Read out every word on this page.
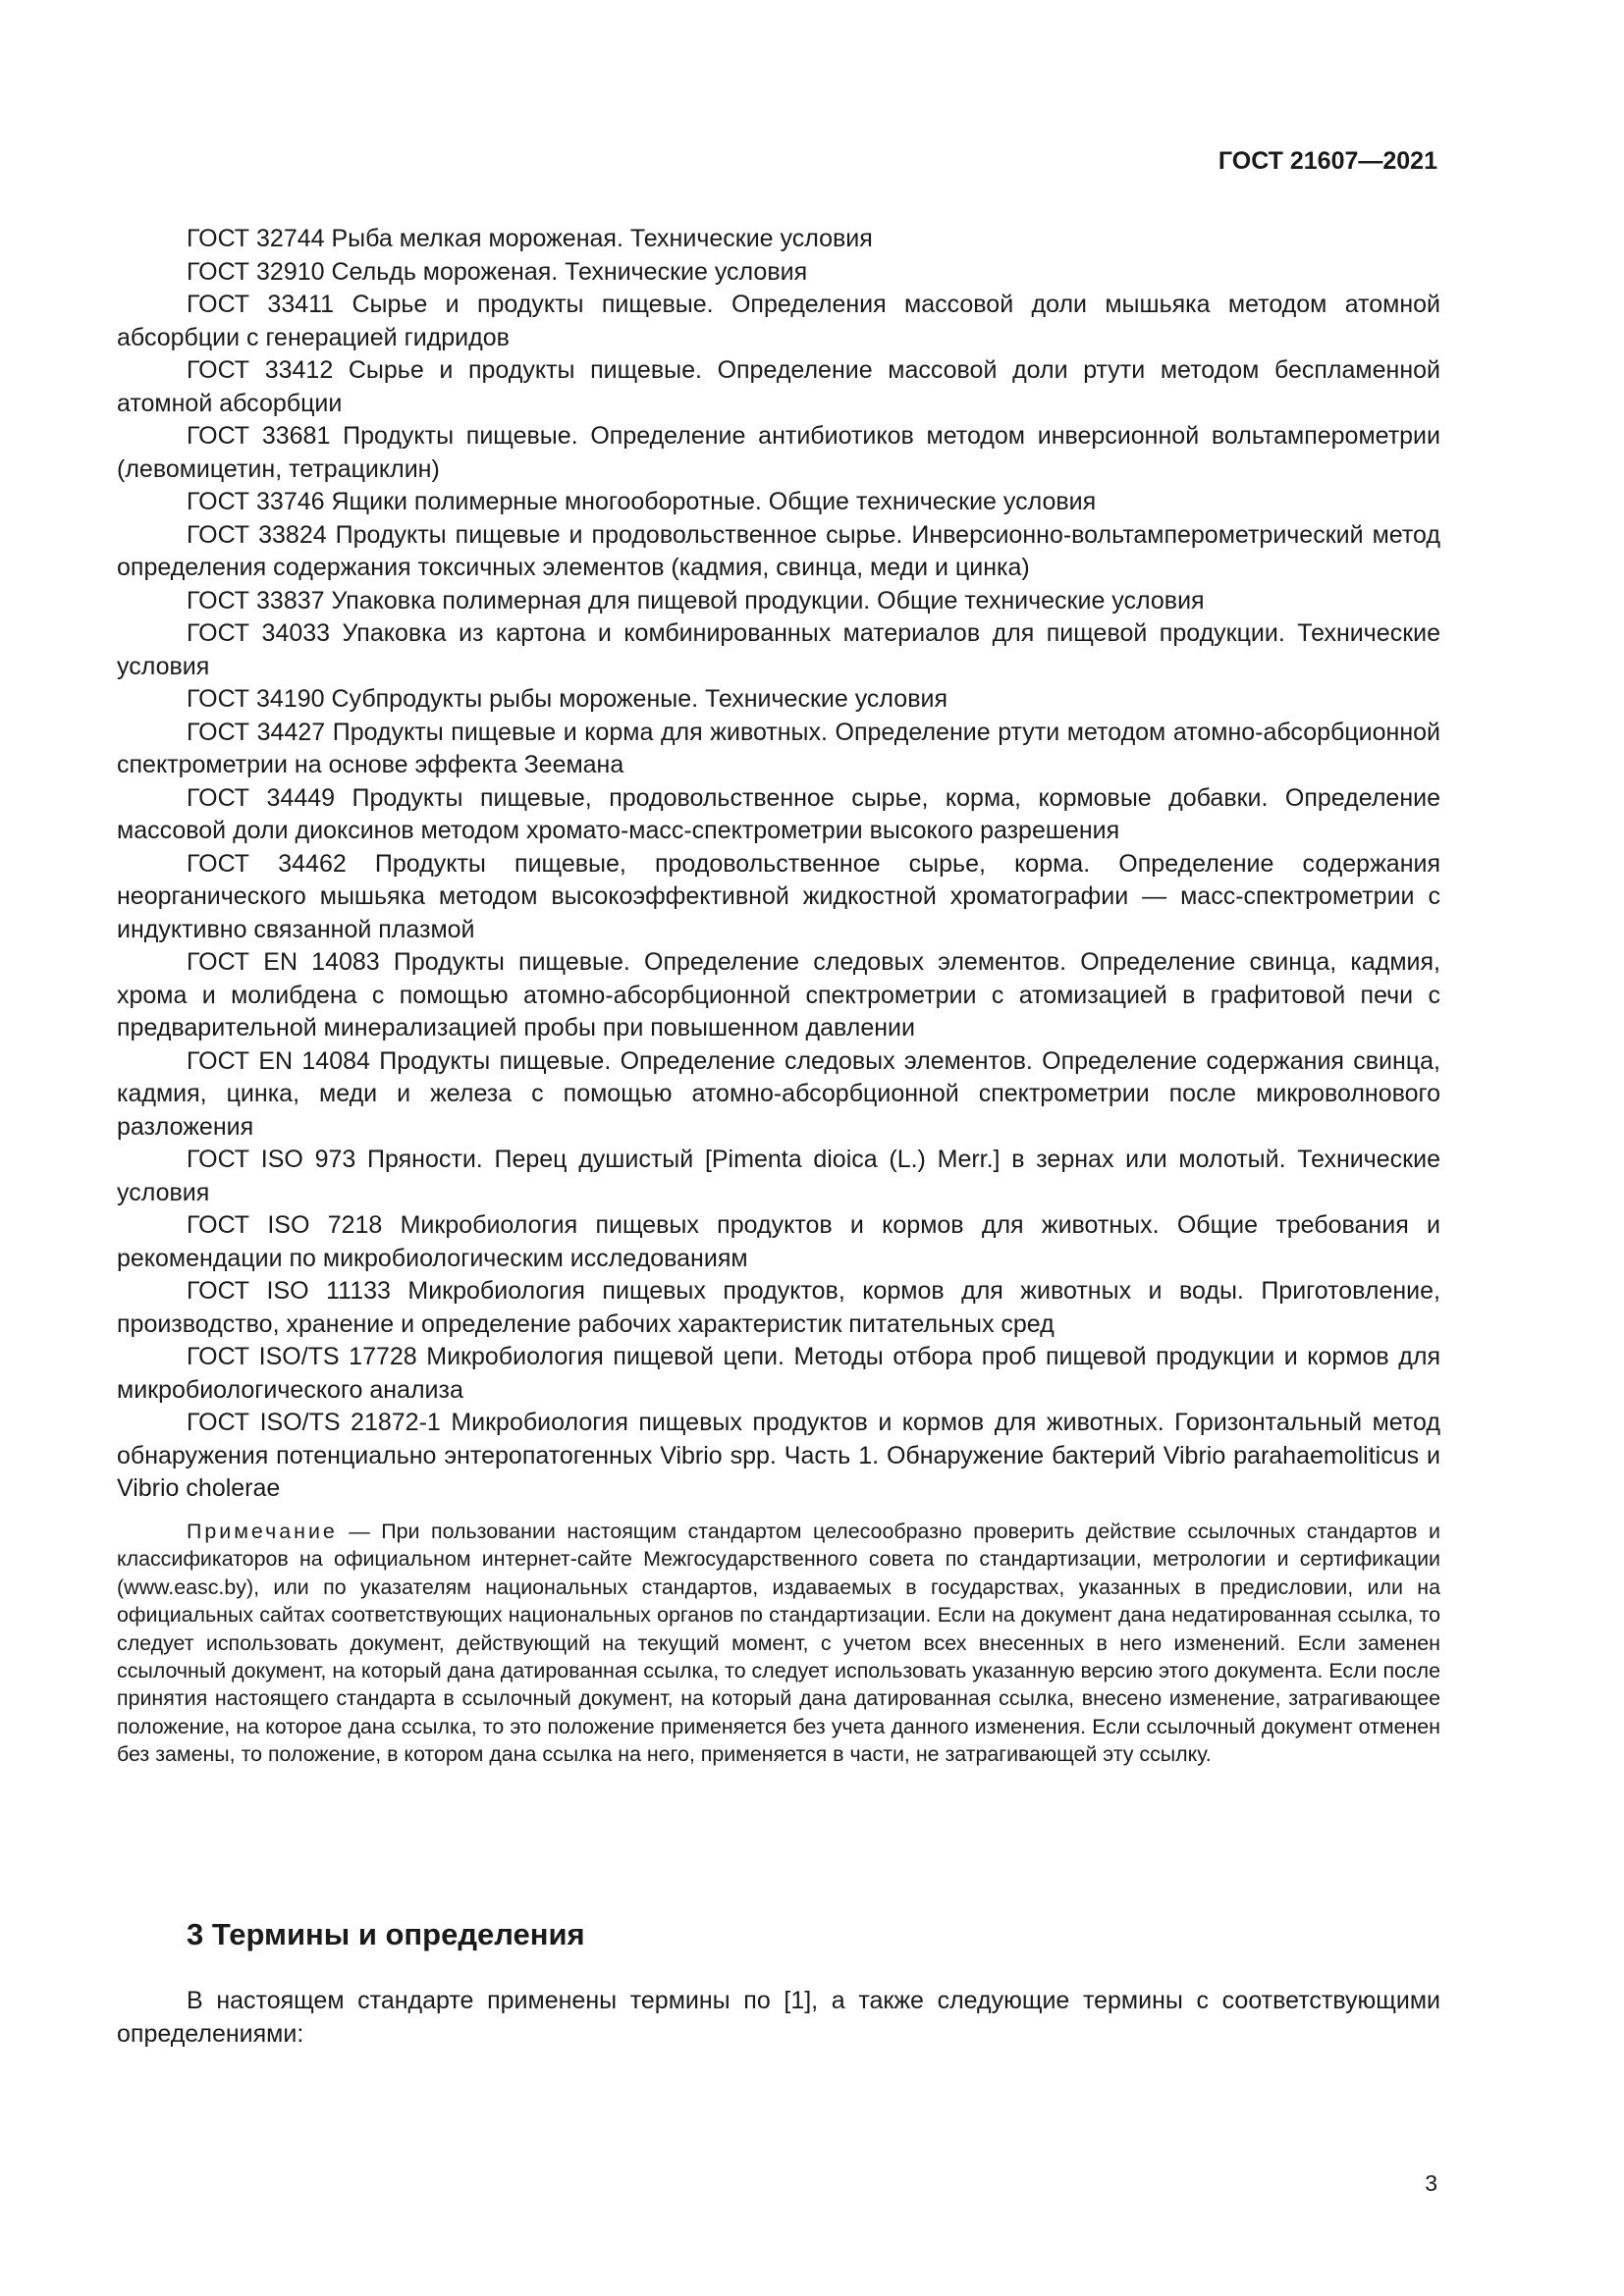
ГОСТ 21607—2021

ГОСТ 32744 Рыба мелкая мороженая. Технические условия

ГОСТ 32910 Сельдь мороженая. Технические условия

ГОСТ 33411 Сырье и продукты пищевые. Определения массовой доли мышьяка методом атомной абсорбции с генерацией гидридов

ГОСТ 33412 Сырье и продукты пищевые. Определение массовой доли ртути методом беспламенной атомной абсорбции

ГОСТ 33681 Продукты пищевые. Определение антибиотиков методом инверсионной вольтамперометрии (левомицетин, тетрациклин)

ГОСТ 33746 Ящики полимерные многооборотные. Общие технические условия

ГОСТ 33824 Продукты пищевые и продовольственное сырье. Инверсионно-вольтамперометрический метод определения содержания токсичных элементов (кадмия, свинца, меди и цинка)

ГОСТ 33837 Упаковка полимерная для пищевой продукции. Общие технические условия

ГОСТ 34033 Упаковка из картона и комбинированных материалов для пищевой продукции. Технические условия

ГОСТ 34190 Субпродукты рыбы мороженые. Технические условия

ГОСТ 34427 Продукты пищевые и корма для животных. Определение ртути методом атомно-абсорбционной спектрометрии на основе эффекта Зеемана

ГОСТ 34449 Продукты пищевые, продовольственное сырье, корма, кормовые добавки. Определение массовой доли диоксинов методом хромато-масс-спектрометрии высокого разрешения

ГОСТ 34462 Продукты пищевые, продовольственное сырье, корма. Определение содержания неорганического мышьяка методом высокоэффективной жидкостной хроматографии — масс-спектрометрии с индуктивно связанной плазмой

ГОСТ EN 14083 Продукты пищевые. Определение следовых элементов. Определение свинца, кадмия, хрома и молибдена с помощью атомно-абсорбционной спектрометрии с атомизацией в графитовой печи с предварительной минерализацией пробы при повышенном давлении

ГОСТ EN 14084 Продукты пищевые. Определение следовых элементов. Определение содержания свинца, кадмия, цинка, меди и железа с помощью атомно-абсорбционной спектрометрии после микроволнового разложения

ГОСТ ISO 973 Пряности. Перец душистый [Pimenta dioica (L.) Merr.] в зернах или молотый. Технические условия

ГОСТ ISO 7218 Микробиология пищевых продуктов и кормов для животных. Общие требования и рекомендации по микробиологическим исследованиям

ГОСТ ISO 11133 Микробиология пищевых продуктов, кормов для животных и воды. Приготовление, производство, хранение и определение рабочих характеристик питательных сред

ГОСТ ISO/TS 17728 Микробиология пищевой цепи. Методы отбора проб пищевой продукции и кормов для микробиологического анализа

ГОСТ ISO/TS 21872-1 Микробиология пищевых продуктов и кормов для животных. Горизонтальный метод обнаружения потенциально энтеропатогенных Vibrio spp. Часть 1. Обнаружение бактерий Vibrio parahaemoliticus и Vibrio cholerae

Примечание — При пользовании настоящим стандартом целесообразно проверить действие ссылочных стандартов и классификаторов на официальном интернет-сайте Межгосударственного совета по стандартизации, метрологии и сертификации (www.easc.by), или по указателям национальных стандартов, издаваемых в государствах, указанных в предисловии, или на официальных сайтах соответствующих национальных органов по стандартизации. Если на документ дана недатированная ссылка, то следует использовать документ, действующий на текущий момент, с учетом всех внесенных в него изменений. Если заменен ссылочный документ, на который дана датированная ссылка, то следует использовать указанную версию этого документа. Если после принятия настоящего стандарта в ссылочный документ, на который дана датированная ссылка, внесено изменение, затрагивающее положение, на которое дана ссылка, то это положение применяется без учета данного изменения. Если ссылочный документ отменен без замены, то положение, в котором дана ссылка на него, применяется в части, не затрагивающей эту ссылку.

3 Термины и определения

В настоящем стандарте применены термины по [1], а также следующие термины с соответствующими определениями:

3
